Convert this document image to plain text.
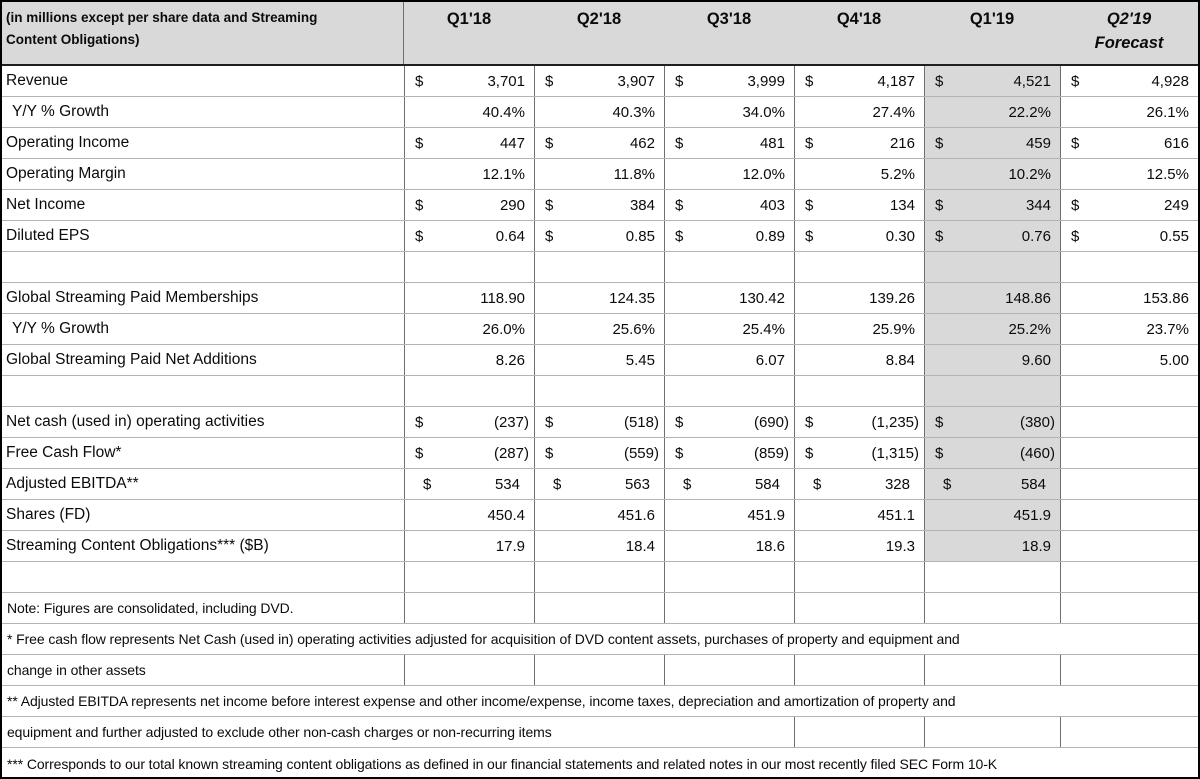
(in millions except per share data and Streaming
Content Obligations)
Q1'18	Q2'18	Q3'18	Q4'18	Q1'19	Q2'19
Forecast
Revenue	$	3,701 $	3,907 $	3,999 $	4,187 $	4,521 $	4,928
Y/Y % Growth	40.4%	40.3%	34.0%	27.4%	22.2%	26.1%
Operating Income	$	447 $	462 $	481 $	216 $	459 $	616
Operating Margin	12.1%	11.8%	12.0%	5.2%	10.2%	12.5%
Net Income	$	290 $	384 $	403 $	134 $	344 $	249
Diluted EPS	$	0.64 $	0.85 $	0.89 $	0.30 $	0.76 $	0.55
Global Streaming Paid Memberships	118.90	124.35	130.42	139.26	148.86	153.86
Y/Y % Growth	26.0%	25.6%	25.4%	25.9%	25.2%	23.7%
Global Streaming Paid Net Additions	8.26	5.45	6.07	8.84	9.60	5.00
Net cash (used in) operating activities	$	(237) $	(518) $	(690) $	(1,235) $	(380)
Free Cash Flow*	$	(287) $	(559) $	(859) $	(1,315) $	(460)
Adjusted EBITDA**	$	534 $	563 $	584 $	328 $	584
Shares (FD)	450.4	451.6	451.9	451.1	451.9
Streaming Content Obligations*** ($B)	17.9	18.4	18.6	19.3	18.9
Note: Figures are consolidated, including DVD.
* Free cash flow represents Net Cash (used in) operating activities adjusted for acquisition of DVD content assets, purchases of property and equipment and
change in other assets
** Adjusted EBITDA represents net income before interest expense and other income/expense, income taxes, depreciation and amortization of property and
equipment and further adjusted to exclude other non-cash charges or non-recurring items
*** Corresponds to our total known streaming content obligations as defined in our financial statements and related notes in our most recently filed SEC Form 10-K
